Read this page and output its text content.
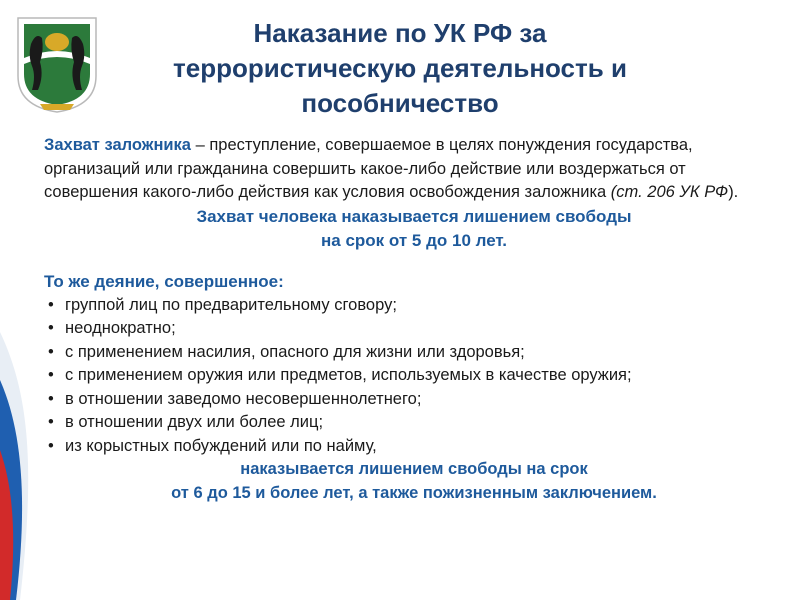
Наказание по УК РФ за
террористическую деятельность и
пособничество

Захват заложника – преступление, совершаемое в целях понуждения государства, организаций или гражданина совершить какое-либо действие или воздержаться от совершения какого-либо действия как условия освобождения заложника (ст. 206 УК РФ).

Захват человека наказывается лишением свободы
на срок от 5 до 10 лет.

То же деяние, совершенное:

• группой лиц по предварительному сговору;
• неоднократно;
• с применением насилия, опасного для жизни или здоровья;
• с применением оружия или предметов, используемых в качестве оружия;
• в отношении заведомо несовершеннолетнего;
• в отношении двух или более лиц;
• из корыстных побуждений или по найму,

наказывается лишением свободы на срок
от 6 до 15 и более лет, а также пожизненным заключением.
